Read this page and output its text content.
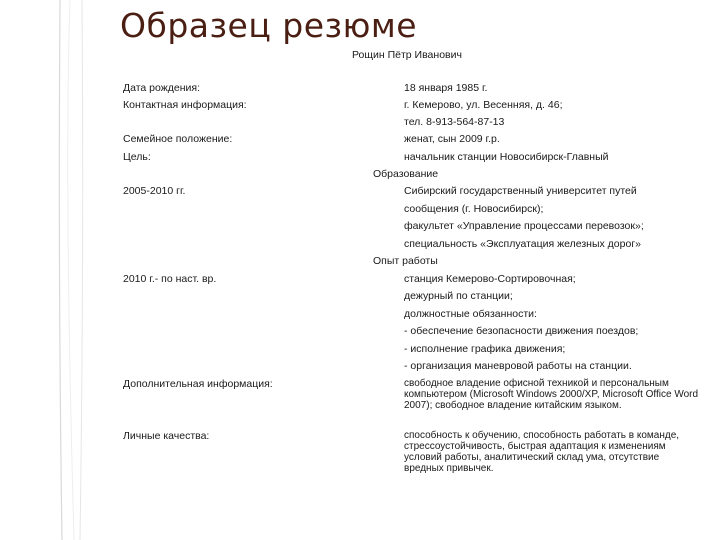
Образец резюме
Рощин Пётр Иванович
Дата рождения:	18 января 1985 г.
Контактная информация:	г. Кемерово, ул. Весенняя, д. 46;
тел. 8-913-564-87-13
Семейное положение:	женат, сын 2009 г.р.
Цель:	начальник станции Новосибирск-Главный
Образование
2005-2010 гг.	Сибирский государственный университет путей
сообщения (г. Новосибирск);
факультет «Управление процессами перевозок»;
специальность «Эксплуатация железных дорог»
Опыт работы
2010 г.- по наст. вр.	станция Кемерово-Сортировочная;
дежурный по станции;
должностные обязанности:
- обеспечение безопасности движения поездов;
- исполнение графика движения;
- организация маневровой работы на станции.
Дополнительная информация:	свободное владение офисной техникой и персональным компьютером (Microsoft Windows 2000/XP, Microsoft Office Word 2007); свободное владение китайским языком.
Личные качества:	способность к обучению, способность работать в команде, стрессоустойчивость, быстрая адаптация к изменениям условий работы, аналитический склад ума, отсутствие вредных привычек.
